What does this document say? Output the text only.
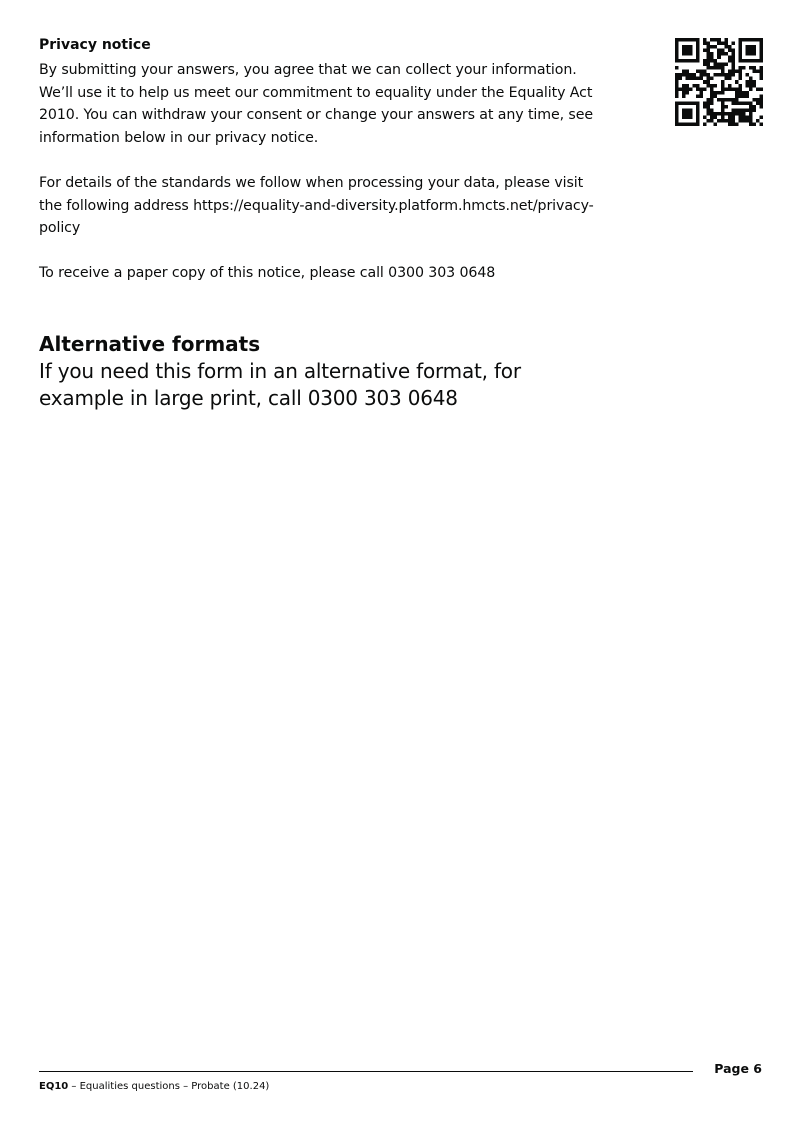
Privacy notice

By submitting your answers, you agree that we can collect your information. We’ll use it to help us meet our commitment to equality under the Equality Act 2010. You can withdraw your consent or change your answers at any time, see information below in our privacy notice.

For details of the standards we follow when processing your data, please visit the following address https://equality-and-diversity.platform.hmcts.net/privacy-policy

To receive a paper copy of this notice, please call 0300 303 0648

Alternative formats

If you need this form in an alternative format, for example in large print, call 0300 303 0648

Page 6
EQ10 – Equalities questions – Probate (10.24)
